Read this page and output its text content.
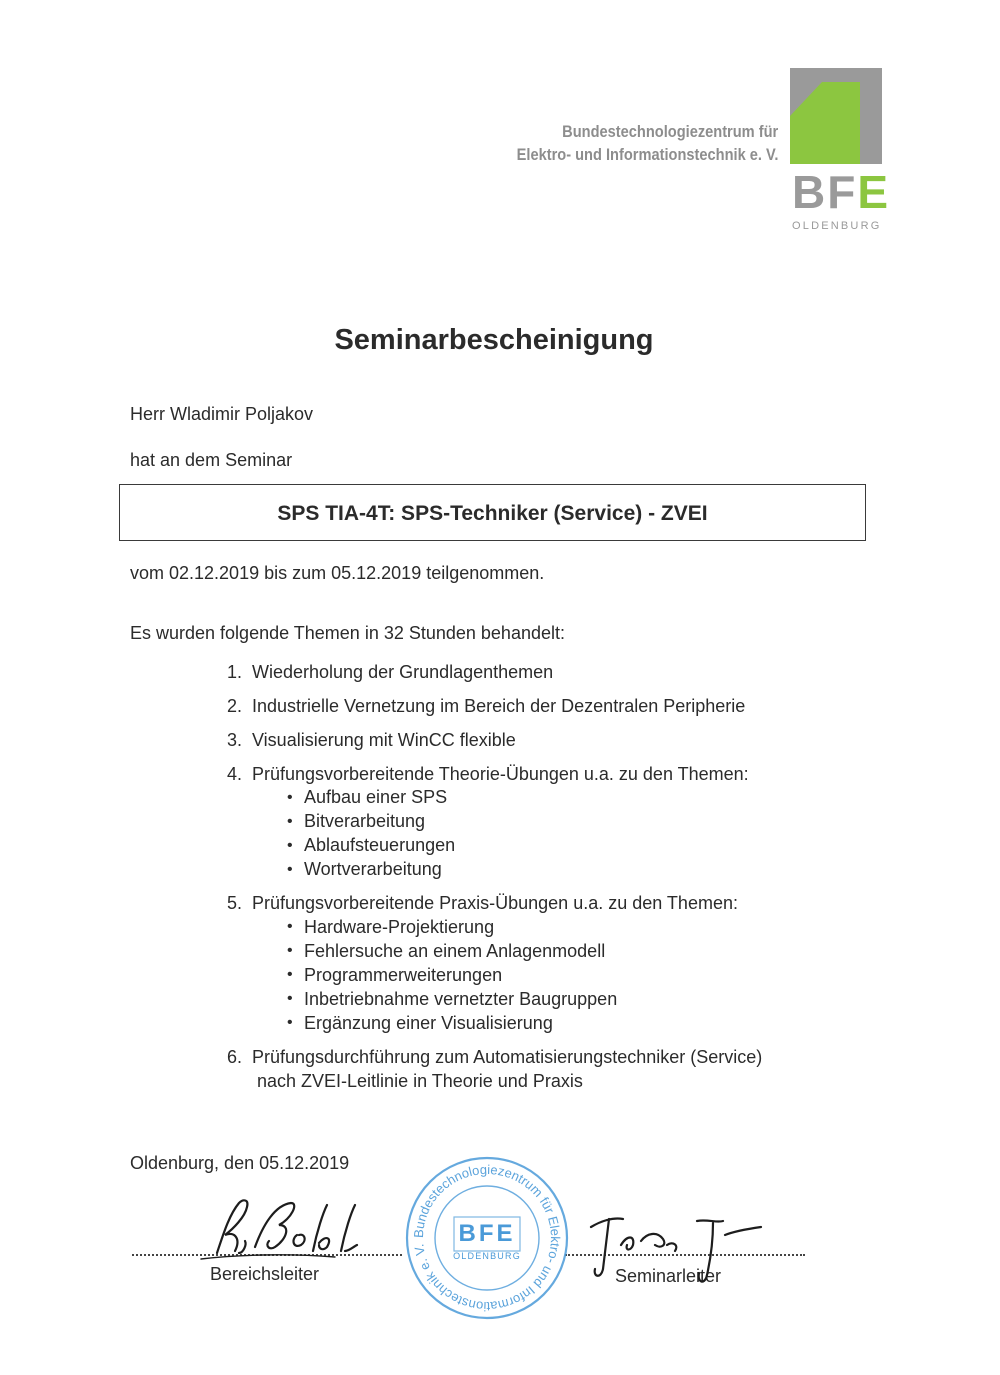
Bundestechnologiezentrum für
Elektro- und Informationstechnik e. V.
BFE
OLDENBURG
Seminarbescheinigung
Herr Wladimir Poljakov
hat an dem Seminar
SPS TIA-4T: SPS-Techniker (Service) - ZVEI
vom 02.12.2019 bis zum 05.12.2019 teilgenommen.
Es wurden folgende Themen in 32 Stunden behandelt:
1. Wiederholung der Grundlagenthemen
2. Industrielle Vernetzung im Bereich der Dezentralen Peripherie
3. Visualisierung mit WinCC flexible
4. Prüfungsvorbereitende Theorie-Übungen u.a. zu den Themen:
• Aufbau einer SPS
• Bitverarbeitung
• Ablaufsteuerungen
• Wortverarbeitung
5. Prüfungsvorbereitende Praxis-Übungen u.a. zu den Themen:
• Hardware-Projektierung
• Fehlersuche an einem Anlagenmodell
• Programmerweiterungen
• Inbetriebnahme vernetzter Baugruppen
• Ergänzung einer Visualisierung
6. Prüfungsdurchführung zum Automatisierungstechniker (Service)
nach ZVEI-Leitlinie in Theorie und Praxis
Oldenburg, den 05.12.2019
Bereichsleiter	Seminarleiter
Bundestechnologiezentrum für Elektro- und Informationstechnik e. V.	BFE
OLDENBURG
